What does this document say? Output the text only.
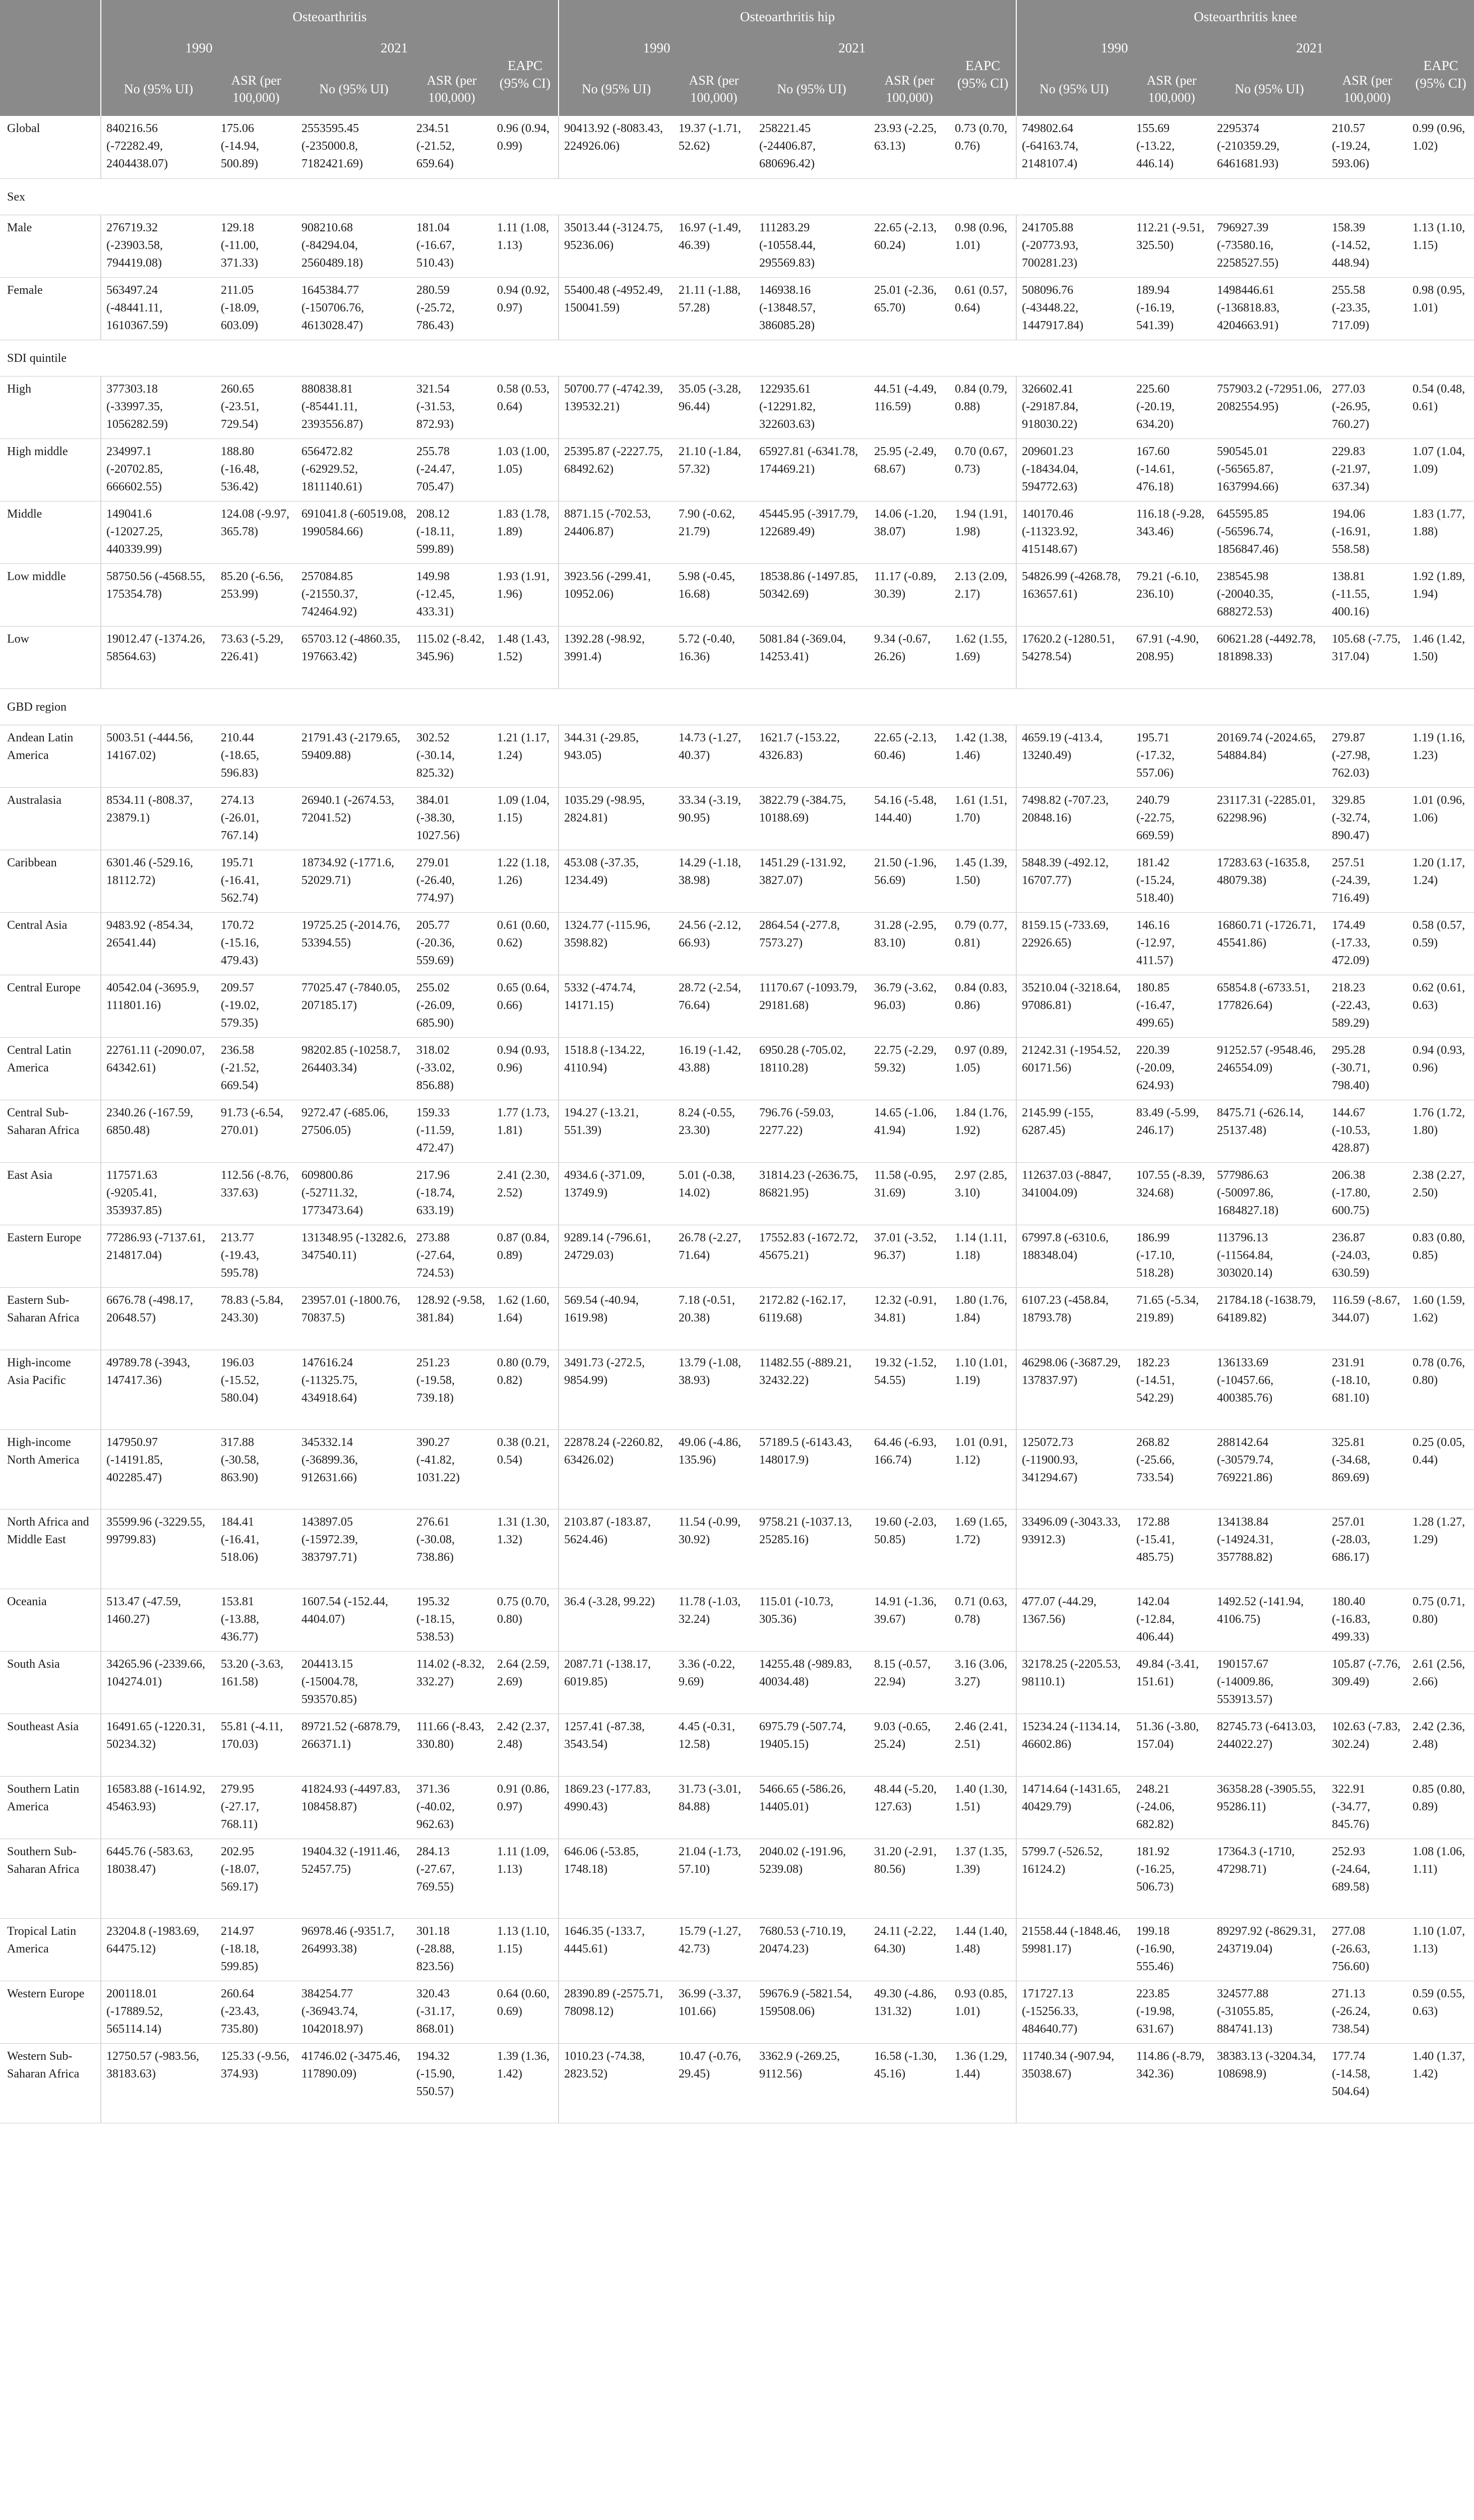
	Osteoarthritis					Osteoarthritis hip					Osteoarthritis knee				
	1990		2021		EAPC (95% CI)	1990		2021		EAPC (95% CI)	1990		2021		EAPC (95% CI)
	No (95% UI)	ASR (per 100,000)	No (95% UI)	ASR (per 100,000)		No (95% UI)	ASR (per 100,000)	No (95% UI)	ASR (per 100,000)		No (95% UI)	ASR (per 100,000)	No (95% UI)	ASR (per 100,000)	
Global	840216.56 (-72282.49, 2404438.07)	175.06 (-14.94, 500.89)	2553595.45 (-235000.8, 7182421.69)	234.51 (-21.52, 659.64)	0.96 (0.94, 0.99)	90413.92 (-8083.43, 224926.06)	19.37 (-1.71, 52.62)	258221.45 (-24406.87, 680696.42)	23.93 (-2.25, 63.13)	0.73 (0.70, 0.76)	749802.64 (-64163.74, 2148107.4)	155.69 (-13.22, 446.14)	2295374 (-210359.29, 6461681.93)	210.57 (-19.24, 593.06)	0.99 (0.96, 1.02)
Sex															
Male	276719.32 (-23903.58, 794419.08)	129.18 (-11.00, 371.33)	908210.68 (-84294.04, 2560489.18)	181.04 (-16.67, 510.43)	1.11 (1.08, 1.13)	35013.44 (-3124.75, 95236.06)	16.97 (-1.49, 46.39)	111283.29 (-10558.44, 295569.83)	22.65 (-2.13, 60.24)	0.98 (0.96, 1.01)	241705.88 (-20773.93, 700281.23)	112.21 (-9.51, 325.50)	796927.39 (-73580.16, 2258527.55)	158.39 (-14.52, 448.94)	1.13 (1.10, 1.15)
Female	563497.24 (-48441.11, 1610367.59)	211.05 (-18.09, 603.09)	1645384.77 (-150706.76, 4613028.47)	280.59 (-25.72, 786.43)	0.94 (0.92, 0.97)	55400.48 (-4952.49, 150041.59)	21.11 (-1.88, 57.28)	146938.16 (-13848.57, 386085.28)	25.01 (-2.36, 65.70)	0.61 (0.57, 0.64)	508096.76 (-43448.22, 1447917.84)	189.94 (-16.19, 541.39)	1498446.61 (-136818.83, 4204663.91)	255.58 (-23.35, 717.09)	0.98 (0.95, 1.01)
SDI quintile															
High	377303.18 (-33997.35, 1056282.59)	260.65 (-23.51, 729.54)	880838.81 (-85441.11, 2393556.87)	321.54 (-31.53, 872.93)	0.58 (0.53, 0.64)	50700.77 (-4742.39, 139532.21)	35.05 (-3.28, 96.44)	122935.61 (-12291.82, 322603.63)	44.51 (-4.49, 116.59)	0.84 (0.79, 0.88)	326602.41 (-29187.84, 918030.22)	225.60 (-20.19, 634.20)	757903.2 (-72951.06, 2082554.95)	277.03 (-26.95, 760.27)	0.54 (0.48, 0.61)
High middle	234997.1 (-20702.85, 666602.55)	188.80 (-16.48, 536.42)	656472.82 (-62929.52, 1811140.61)	255.78 (-24.47, 705.47)	1.03 (1.00, 1.05)	25395.87 (-2227.75, 68492.62)	21.10 (-1.84, 57.32)	65927.81 (-6341.78, 174469.21)	25.95 (-2.49, 68.67)	0.70 (0.67, 0.73)	209601.23 (-18434.04, 594772.63)	167.60 (-14.61, 476.18)	590545.01 (-56565.87, 1637994.66)	229.83 (-21.97, 637.34)	1.07 (1.04, 1.09)
Middle	149041.6 (-12027.25, 440339.99)	124.08 (-9.97, 365.78)	691041.8 (-60519.08, 1990584.66)	208.12 (-18.11, 599.89)	1.83 (1.78, 1.89)	8871.15 (-702.53, 24406.87)	7.90 (-0.62, 21.79)	45445.95 (-3917.79, 122689.49)	14.06 (-1.20, 38.07)	1.94 (1.91, 1.98)	140170.46 (-11323.92, 415148.67)	116.18 (-9.28, 343.46)	645595.85 (-56596.74, 1856847.46)	194.06 (-16.91, 558.58)	1.83 (1.77, 1.88)
Low middle	58750.56 (-4568.55, 175354.78)	85.20 (-6.56, 253.99)	257084.85 (-21550.37, 742464.92)	149.98 (-12.45, 433.31)	1.93 (1.91, 1.96)	3923.56 (-299.41, 10952.06)	5.98 (-0.45, 16.68)	18538.86 (-1497.85, 50342.69)	11.17 (-0.89, 30.39)	2.13 (2.09, 2.17)	54826.99 (-4268.78, 163657.61)	79.21 (-6.10, 236.10)	238545.98 (-20040.35, 688272.53)	138.81 (-11.55, 400.16)	1.92 (1.89, 1.94)
Low	19012.47 (-1374.26, 58564.63)	73.63 (-5.29, 226.41)	65703.12 (-4860.35, 197663.42)	115.02 (-8.42, 345.96)	1.48 (1.43, 1.52)	1392.28 (-98.92, 3991.4)	5.72 (-0.40, 16.36)	5081.84 (-369.04, 14253.41)	9.34 (-0.67, 26.26)	1.62 (1.55, 1.69)	17620.2 (-1280.51, 54278.54)	67.91 (-4.90, 208.95)	60621.28 (-4492.78, 181898.33)	105.68 (-7.75, 317.04)	1.46 (1.42, 1.50)
GBD region															
Andean Latin America	5003.51 (-444.56, 14167.02)	210.44 (-18.65, 596.83)	21791.43 (-2179.65, 59409.88)	302.52 (-30.14, 825.32)	1.21 (1.17, 1.24)	344.31 (-29.85, 943.05)	14.73 (-1.27, 40.37)	1621.7 (-153.22, 4326.83)	22.65 (-2.13, 60.46)	1.42 (1.38, 1.46)	4659.19 (-413.4, 13240.49)	195.71 (-17.32, 557.06)	20169.74 (-2024.65, 54884.84)	279.87 (-27.98, 762.03)	1.19 (1.16, 1.23)
Australasia	8534.11 (-808.37, 23879.1)	274.13 (-26.01, 767.14)	26940.1 (-2674.53, 72041.52)	384.01 (-38.30, 1027.56)	1.09 (1.04, 1.15)	1035.29 (-98.95, 2824.81)	33.34 (-3.19, 90.95)	3822.79 (-384.75, 10188.69)	54.16 (-5.48, 144.40)	1.61 (1.51, 1.70)	7498.82 (-707.23, 20848.16)	240.79 (-22.75, 669.59)	23117.31 (-2285.01, 62298.96)	329.85 (-32.74, 890.47)	1.01 (0.96, 1.06)
Caribbean	6301.46 (-529.16, 18112.72)	195.71 (-16.41, 562.74)	18734.92 (-1771.6, 52029.71)	279.01 (-26.40, 774.97)	1.22 (1.18, 1.26)	453.08 (-37.35, 1234.49)	14.29 (-1.18, 38.98)	1451.29 (-131.92, 3827.07)	21.50 (-1.96, 56.69)	1.45 (1.39, 1.50)	5848.39 (-492.12, 16707.77)	181.42 (-15.24, 518.40)	17283.63 (-1635.8, 48079.38)	257.51 (-24.39, 716.49)	1.20 (1.17, 1.24)
Central Asia	9483.92 (-854.34, 26541.44)	170.72 (-15.16, 479.43)	19725.25 (-2014.76, 53394.55)	205.77 (-20.36, 559.69)	0.61 (0.60, 0.62)	1324.77 (-115.96, 3598.82)	24.56 (-2.12, 66.93)	2864.54 (-277.8, 7573.27)	31.28 (-2.95, 83.10)	0.79 (0.77, 0.81)	8159.15 (-733.69, 22926.65)	146.16 (-12.97, 411.57)	16860.71 (-1726.71, 45541.86)	174.49 (-17.33, 472.09)	0.58 (0.57, 0.59)
Central Europe	40542.04 (-3695.9, 111801.16)	209.57 (-19.02, 579.35)	77025.47 (-7840.05, 207185.17)	255.02 (-26.09, 685.90)	0.65 (0.64, 0.66)	5332 (-474.74, 14171.15)	28.72 (-2.54, 76.64)	11170.67 (-1093.79, 29181.68)	36.79 (-3.62, 96.03)	0.84 (0.83, 0.86)	35210.04 (-3218.64, 97086.81)	180.85 (-16.47, 499.65)	65854.8 (-6733.51, 177826.64)	218.23 (-22.43, 589.29)	0.62 (0.61, 0.63)
Central Latin America	22761.11 (-2090.07, 64342.61)	236.58 (-21.52, 669.54)	98202.85 (-10258.7, 264403.34)	318.02 (-33.02, 856.88)	0.94 (0.93, 0.96)	1518.8 (-134.22, 4110.94)	16.19 (-1.42, 43.88)	6950.28 (-705.02, 18110.28)	22.75 (-2.29, 59.32)	0.97 (0.89, 1.05)	21242.31 (-1954.52, 60171.56)	220.39 (-20.09, 624.93)	91252.57 (-9548.46, 246554.09)	295.28 (-30.71, 798.40)	0.94 (0.93, 0.96)
Central Sub-Saharan Africa	2340.26 (-167.59, 6850.48)	91.73 (-6.54, 270.01)	9272.47 (-685.06, 27506.05)	159.33 (-11.59, 472.47)	1.77 (1.73, 1.81)	194.27 (-13.21, 551.39)	8.24 (-0.55, 23.30)	796.76 (-59.03, 2277.22)	14.65 (-1.06, 41.94)	1.84 (1.76, 1.92)	2145.99 (-155, 6287.45)	83.49 (-5.99, 246.17)	8475.71 (-626.14, 25137.48)	144.67 (-10.53, 428.87)	1.76 (1.72, 1.80)
East Asia	117571.63 (-9205.41, 353937.85)	112.56 (-8.76, 337.63)	609800.86 (-52711.32, 1773473.64)	217.96 (-18.74, 633.19)	2.41 (2.30, 2.52)	4934.6 (-371.09, 13749.9)	5.01 (-0.38, 14.02)	31814.23 (-2636.75, 86821.95)	11.58 (-0.95, 31.69)	2.97 (2.85, 3.10)	112637.03 (-8847, 341004.09)	107.55 (-8.39, 324.68)	577986.63 (-50097.86, 1684827.18)	206.38 (-17.80, 600.75)	2.38 (2.27, 2.50)
Eastern Europe	77286.93 (-7137.61, 214817.04)	213.77 (-19.43, 595.78)	131348.95 (-13282.6, 347540.11)	273.88 (-27.64, 724.53)	0.87 (0.84, 0.89)	9289.14 (-796.61, 24729.03)	26.78 (-2.27, 71.64)	17552.83 (-1672.72, 45675.21)	37.01 (-3.52, 96.37)	1.14 (1.11, 1.18)	67997.8 (-6310.6, 188348.04)	186.99 (-17.10, 518.28)	113796.13 (-11564.84, 303020.14)	236.87 (-24.03, 630.59)	0.83 (0.80, 0.85)
Eastern Sub-Saharan Africa	6676.78 (-498.17, 20648.57)	78.83 (-5.84, 243.30)	23957.01 (-1800.76, 70837.5)	128.92 (-9.58, 381.84)	1.62 (1.60, 1.64)	569.54 (-40.94, 1619.98)	7.18 (-0.51, 20.38)	2172.82 (-162.17, 6119.68)	12.32 (-0.91, 34.81)	1.80 (1.76, 1.84)	6107.23 (-458.84, 18793.78)	71.65 (-5.34, 219.89)	21784.18 (-1638.79, 64189.82)	116.59 (-8.67, 344.07)	1.60 (1.59, 1.62)
High-income Asia Pacific	49789.78 (-3943, 147417.36)	196.03 (-15.52, 580.04)	147616.24 (-11325.75, 434918.64)	251.23 (-19.58, 739.18)	0.80 (0.79, 0.82)	3491.73 (-272.5, 9854.99)	13.79 (-1.08, 38.93)	11482.55 (-889.21, 32432.22)	19.32 (-1.52, 54.55)	1.10 (1.01, 1.19)	46298.06 (-3687.29, 137837.97)	182.23 (-14.51, 542.29)	136133.69 (-10457.66, 400385.76)	231.91 (-18.10, 681.10)	0.78 (0.76, 0.80)
High-income North America	147950.97 (-14191.85, 402285.47)	317.88 (-30.58, 863.90)	345332.14 (-36899.36, 912631.66)	390.27 (-41.82, 1031.22)	0.38 (0.21, 0.54)	22878.24 (-2260.82, 63426.02)	49.06 (-4.86, 135.96)	57189.5 (-6143.43, 148017.9)	64.46 (-6.93, 166.74)	1.01 (0.91, 1.12)	125072.73 (-11900.93, 341294.67)	268.82 (-25.66, 733.54)	288142.64 (-30579.74, 769221.86)	325.81 (-34.68, 869.69)	0.25 (0.05, 0.44)
North Africa and Middle East	35599.96 (-3229.55, 99799.83)	184.41 (-16.41, 518.06)	143897.05 (-15972.39, 383797.71)	276.61 (-30.08, 738.86)	1.31 (1.30, 1.32)	2103.87 (-183.87, 5624.46)	11.54 (-0.99, 30.92)	9758.21 (-1037.13, 25285.16)	19.60 (-2.03, 50.85)	1.69 (1.65, 1.72)	33496.09 (-3043.33, 93912.3)	172.88 (-15.41, 485.75)	134138.84 (-14924.31, 357788.82)	257.01 (-28.03, 686.17)	1.28 (1.27, 1.29)
Oceania	513.47 (-47.59, 1460.27)	153.81 (-13.88, 436.77)	1607.54 (-152.44, 4404.07)	195.32 (-18.15, 538.53)	0.75 (0.70, 0.80)	36.4 (-3.28, 99.22)	11.78 (-1.03, 32.24)	115.01 (-10.73, 305.36)	14.91 (-1.36, 39.67)	0.71 (0.63, 0.78)	477.07 (-44.29, 1367.56)	142.04 (-12.84, 406.44)	1492.52 (-141.94, 4106.75)	180.40 (-16.83, 499.33)	0.75 (0.71, 0.80)
South Asia	34265.96 (-2339.66, 104274.01)	53.20 (-3.63, 161.58)	204413.15 (-15004.78, 593570.85)	114.02 (-8.32, 332.27)	2.64 (2.59, 2.69)	2087.71 (-138.17, 6019.85)	3.36 (-0.22, 9.69)	14255.48 (-989.83, 40034.48)	8.15 (-0.57, 22.94)	3.16 (3.06, 3.27)	32178.25 (-2205.53, 98110.1)	49.84 (-3.41, 151.61)	190157.67 (-14009.86, 553913.57)	105.87 (-7.76, 309.49)	2.61 (2.56, 2.66)
Southeast Asia	16491.65 (-1220.31, 50234.32)	55.81 (-4.11, 170.03)	89721.52 (-6878.79, 266371.1)	111.66 (-8.43, 330.80)	2.42 (2.37, 2.48)	1257.41 (-87.38, 3543.54)	4.45 (-0.31, 12.58)	6975.79 (-507.74, 19405.15)	9.03 (-0.65, 25.24)	2.46 (2.41, 2.51)	15234.24 (-1134.14, 46602.86)	51.36 (-3.80, 157.04)	82745.73 (-6413.03, 244022.27)	102.63 (-7.83, 302.24)	2.42 (2.36, 2.48)
Southern Latin America	16583.88 (-1614.92, 45463.93)	279.95 (-27.17, 768.11)	41824.93 (-4497.83, 108458.87)	371.36 (-40.02, 962.63)	0.91 (0.86, 0.97)	1869.23 (-177.83, 4990.43)	31.73 (-3.01, 84.88)	5466.65 (-586.26, 14405.01)	48.44 (-5.20, 127.63)	1.40 (1.30, 1.51)	14714.64 (-1431.65, 40429.79)	248.21 (-24.06, 682.82)	36358.28 (-3905.55, 95286.11)	322.91 (-34.77, 845.76)	0.85 (0.80, 0.89)
Southern Sub-Saharan Africa	6445.76 (-583.63, 18038.47)	202.95 (-18.07, 569.17)	19404.32 (-1911.46, 52457.75)	284.13 (-27.67, 769.55)	1.11 (1.09, 1.13)	646.06 (-53.85, 1748.18)	21.04 (-1.73, 57.10)	2040.02 (-191.96, 5239.08)	31.20 (-2.91, 80.56)	1.37 (1.35, 1.39)	5799.7 (-526.52, 16124.2)	181.92 (-16.25, 506.73)	17364.3 (-1710, 47298.71)	252.93 (-24.64, 689.58)	1.08 (1.06, 1.11)
Tropical Latin America	23204.8 (-1983.69, 64475.12)	214.97 (-18.18, 599.85)	96978.46 (-9351.7, 264993.38)	301.18 (-28.88, 823.56)	1.13 (1.10, 1.15)	1646.35 (-133.7, 4445.61)	15.79 (-1.27, 42.73)	7680.53 (-710.19, 20474.23)	24.11 (-2.22, 64.30)	1.44 (1.40, 1.48)	21558.44 (-1848.46, 59981.17)	199.18 (-16.90, 555.46)	89297.92 (-8629.31, 243719.04)	277.08 (-26.63, 756.60)	1.10 (1.07, 1.13)
Western Europe	200118.01 (-17889.52, 565114.14)	260.64 (-23.43, 735.80)	384254.77 (-36943.74, 1042018.97)	320.43 (-31.17, 868.01)	0.64 (0.60, 0.69)	28390.89 (-2575.71, 78098.12)	36.99 (-3.37, 101.66)	59676.9 (-5821.54, 159508.06)	49.30 (-4.86, 131.32)	0.93 (0.85, 1.01)	171727.13 (-15256.33, 484640.77)	223.85 (-19.98, 631.67)	324577.88 (-31055.85, 884741.13)	271.13 (-26.24, 738.54)	0.59 (0.55, 0.63)
Western Sub-Saharan Africa	12750.57 (-983.56, 38183.63)	125.33 (-9.56, 374.93)	41746.02 (-3475.46, 117890.09)	194.32 (-15.90, 550.57)	1.39 (1.36, 1.42)	1010.23 (-74.38, 2823.52)	10.47 (-0.76, 29.45)	3362.9 (-269.25, 9112.56)	16.58 (-1.30, 45.16)	1.36 (1.29, 1.44)	11740.34 (-907.94, 35038.67)	114.86 (-8.79, 342.36)	38383.13 (-3204.34, 108698.9)	177.74 (-14.58, 504.64)	1.40 (1.37, 1.42)
